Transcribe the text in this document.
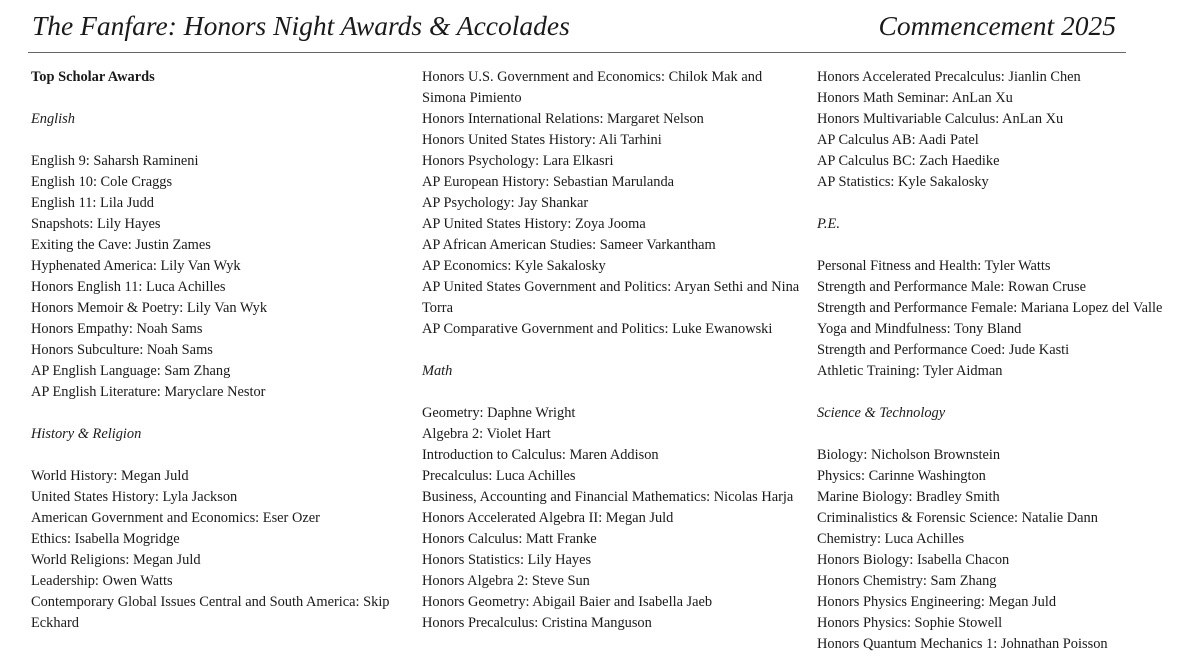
The Fanfare: Honors Night Awards & Accolades	Commencement 2025
Top Scholar Awards
English
English 9: Saharsh Ramineni
English 10: Cole Craggs
English 11: Lila Judd
Snapshots: Lily Hayes
Exiting the Cave: Justin Zames
Hyphenated America: Lily Van Wyk
Honors English 11: Luca Achilles
Honors Memoir & Poetry: Lily Van Wyk
Honors Empathy: Noah Sams
Honors Subculture: Noah Sams
AP English Language: Sam Zhang
AP English Literature: Maryclare Nestor
History & Religion
World History: Megan Juld
United States History: Lyla Jackson
American Government and Economics: Eser Ozer
Ethics: Isabella Mogridge
World Religions: Megan Juld
Leadership: Owen Watts
Contemporary Global Issues Central and South America: Skip Eckhard
Honors U.S. Government and Economics: Chilok Mak and Simona Pimiento
Honors International Relations: Margaret Nelson
Honors United States History: Ali Tarhini
Honors Psychology: Lara Elkasri
AP European History: Sebastian Marulanda
AP Psychology: Jay Shankar
AP United States History: Zoya Jooma
AP African American Studies: Sameer Varkantham
AP Economics: Kyle Sakalosky
AP United States Government and Politics: Aryan Sethi and Nina Torra
AP Comparative Government and Politics: Luke Ewanowski
Math
Geometry: Daphne Wright
Algebra 2: Violet Hart
Introduction to Calculus: Maren Addison
Precalculus: Luca Achilles
Business, Accounting and Financial Mathematics: Nicolas Harja
Honors Accelerated Algebra II: Megan Juld
Honors Calculus: Matt Franke
Honors Statistics: Lily Hayes
Honors Algebra 2: Steve Sun
Honors Geometry: Abigail Baier and Isabella Jaeb
Honors Precalculus: Cristina Manguson
Honors Accelerated Precalculus: Jianlin Chen
Honors Math Seminar: AnLan Xu
Honors Multivariable Calculus: AnLan Xu
AP Calculus AB: Aadi Patel
AP Calculus BC: Zach Haedike
AP Statistics: Kyle Sakalosky
P.E.
Personal Fitness and Health: Tyler Watts
Strength and Performance Male: Rowan Cruse
Strength and Performance Female: Mariana Lopez del Valle
Yoga and Mindfulness: Tony Bland
Strength and Performance Coed: Jude Kasti
Athletic Training: Tyler Aidman
Science & Technology
Biology: Nicholson Brownstein
Physics: Carinne Washington
Marine Biology: Bradley Smith
Criminalistics & Forensic Science: Natalie Dann
Chemistry: Luca Achilles
Honors Biology: Isabella Chacon
Honors Chemistry: Sam Zhang
Honors Physics Engineering: Megan Juld
Honors Physics: Sophie Stowell
Honors Quantum Mechanics 1: Johnathan Poisson
